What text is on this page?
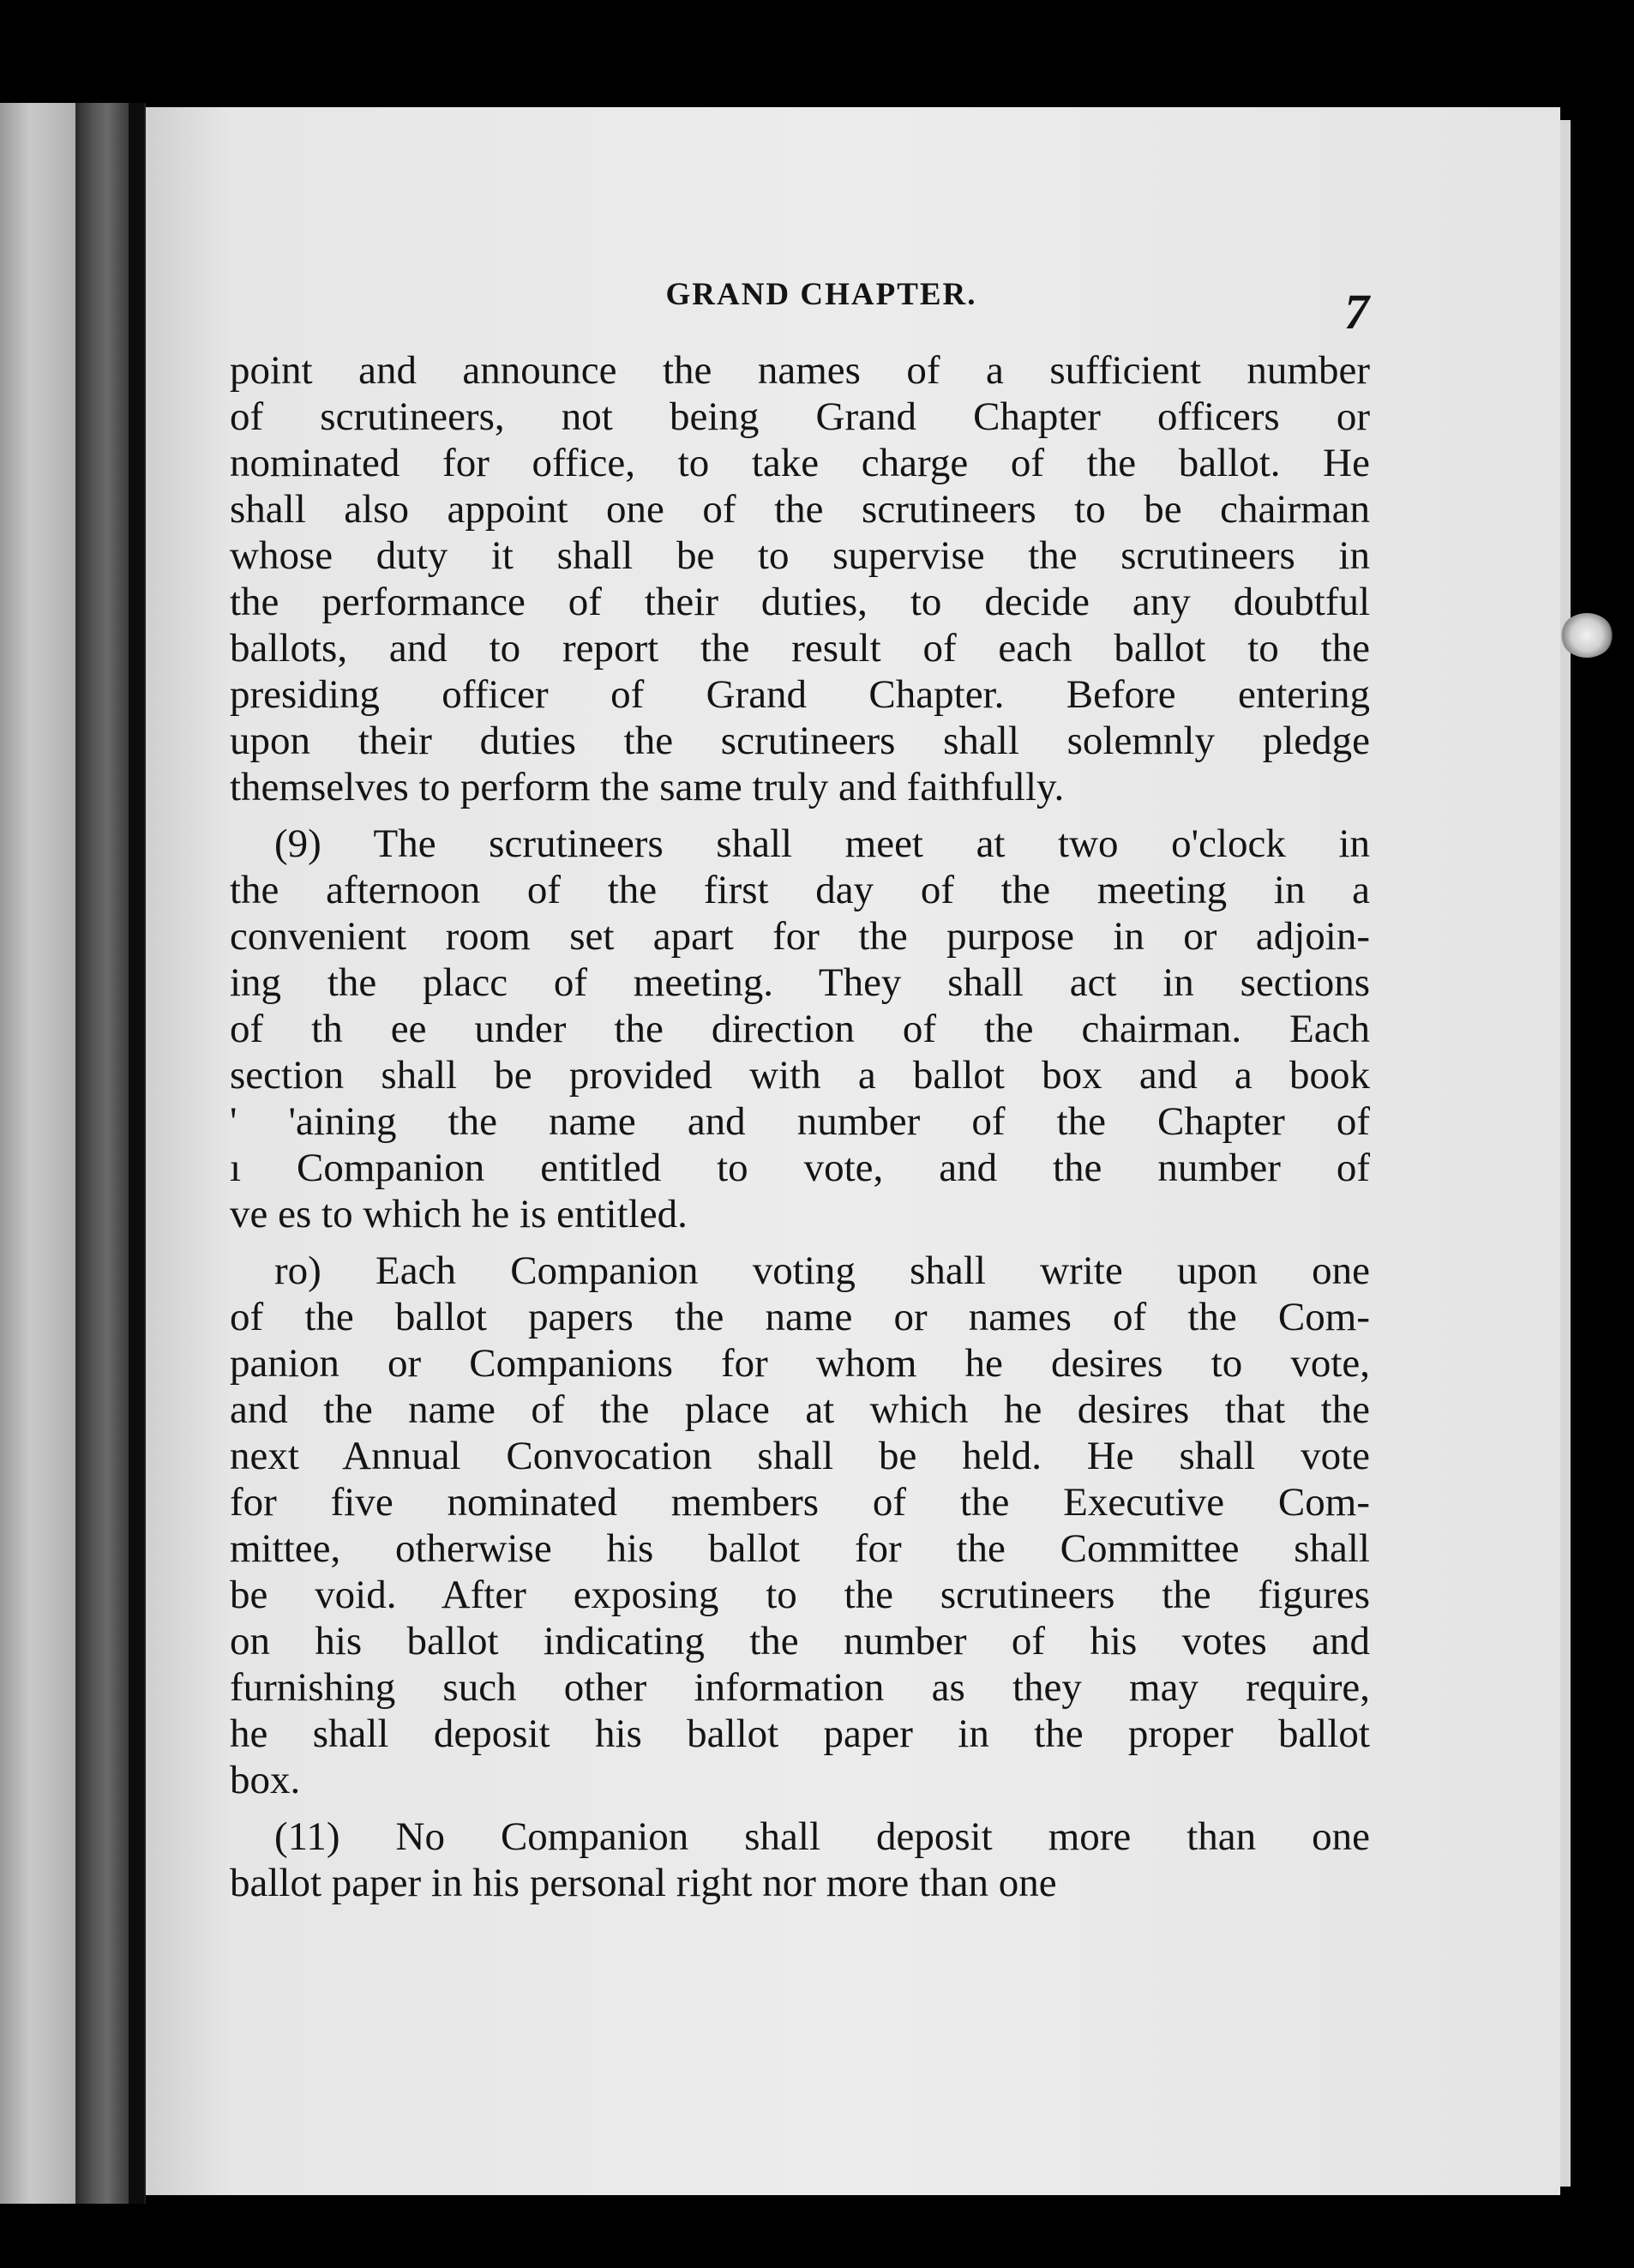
GRAND CHAPTER.	7
point and announce the names of a sufficient number
of scrutineers, not being Grand Chapter officers or
nominated for office, to take charge of the ballot. He
shall also appoint one of the scrutineers to be chairman
whose duty it shall be to supervise the scrutineers in
the performance of their duties, to decide any doubtful
ballots, and to report the result of each ballot to the
presiding officer of Grand Chapter. Before entering
upon their duties the scrutineers shall solemnly pledge
themselves to perform the same truly and faithfully.
(9) The scrutineers shall meet at two o'clock in
the afternoon of the first day of the meeting in a
convenient room set apart for the purpose in or adjoin-
ing the placc of meeting. They shall act in sections
of th ee under the direction of the chairman. Each
section shall be provided with a ballot box and a book
' 'aining the name and number of the Chapter of
ı Companion entitled to vote, and the number of
ve es to which he is entitled.
ro) Each Companion voting shall write upon one
of the ballot papers the name or names of the Com-
panion or Companions for whom he desires to vote,
and the name of the place at which he desires that the
next Annual Convocation shall be held. He shall vote
for five nominated members of the Executive Com-
mittee, otherwise his ballot for the Committee shall
be void. After exposing to the scrutineers the figures
on his ballot indicating the number of his votes and
furnishing such other information as they may require,
he shall deposit his ballot paper in the proper ballot
box.
(11) No Companion shall deposit more than one
ballot paper in his personal right nor more than one
